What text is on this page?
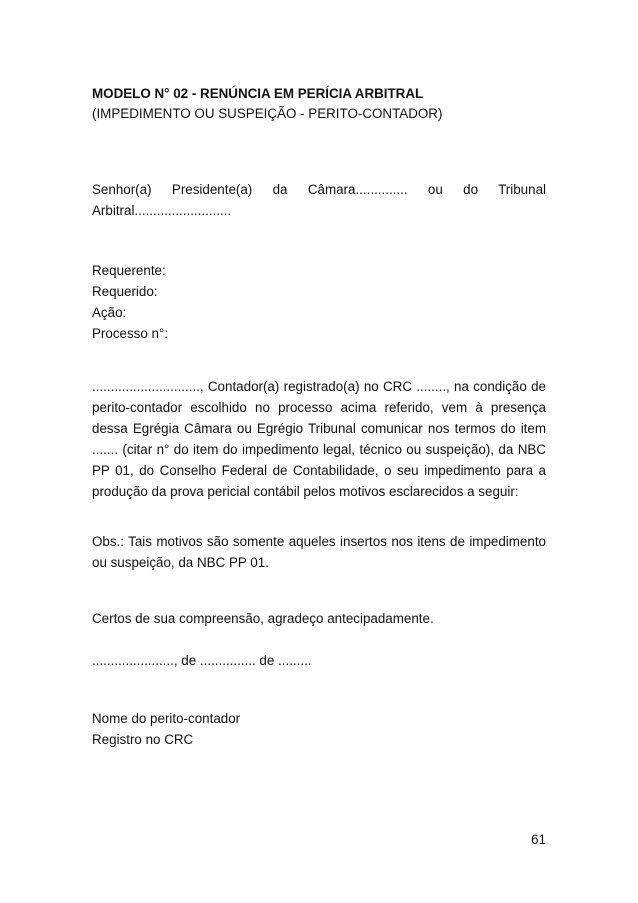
MODELO N° 02 - RENÚNCIA EM PERÍCIA ARBITRAL
(IMPEDIMENTO OU SUSPEIÇÃO - PERITO-CONTADOR)
Senhor(a) Presidente(a) da Câmara.............. ou do Tribunal Arbitral..........................
Requerente:
Requerido:
Ação:
Processo n°:
............................., Contador(a) registrado(a) no CRC ........, na condição de perito-contador escolhido no processo acima referido, vem à presença dessa Egrégia Câmara ou Egrégio Tribunal comunicar nos termos do item ....... (citar n° do item do impedimento legal, técnico ou suspeição), da NBC PP 01, do Conselho Federal de Contabilidade, o seu impedimento para a produção da prova pericial contábil pelos motivos esclarecidos a seguir:
Obs.: Tais motivos são somente aqueles insertos nos itens de impedimento ou suspeição, da NBC PP 01.
Certos de sua compreensão, agradeço antecipadamente.
......................, de ............... de .........
Nome do perito-contador
Registro no CRC
61
